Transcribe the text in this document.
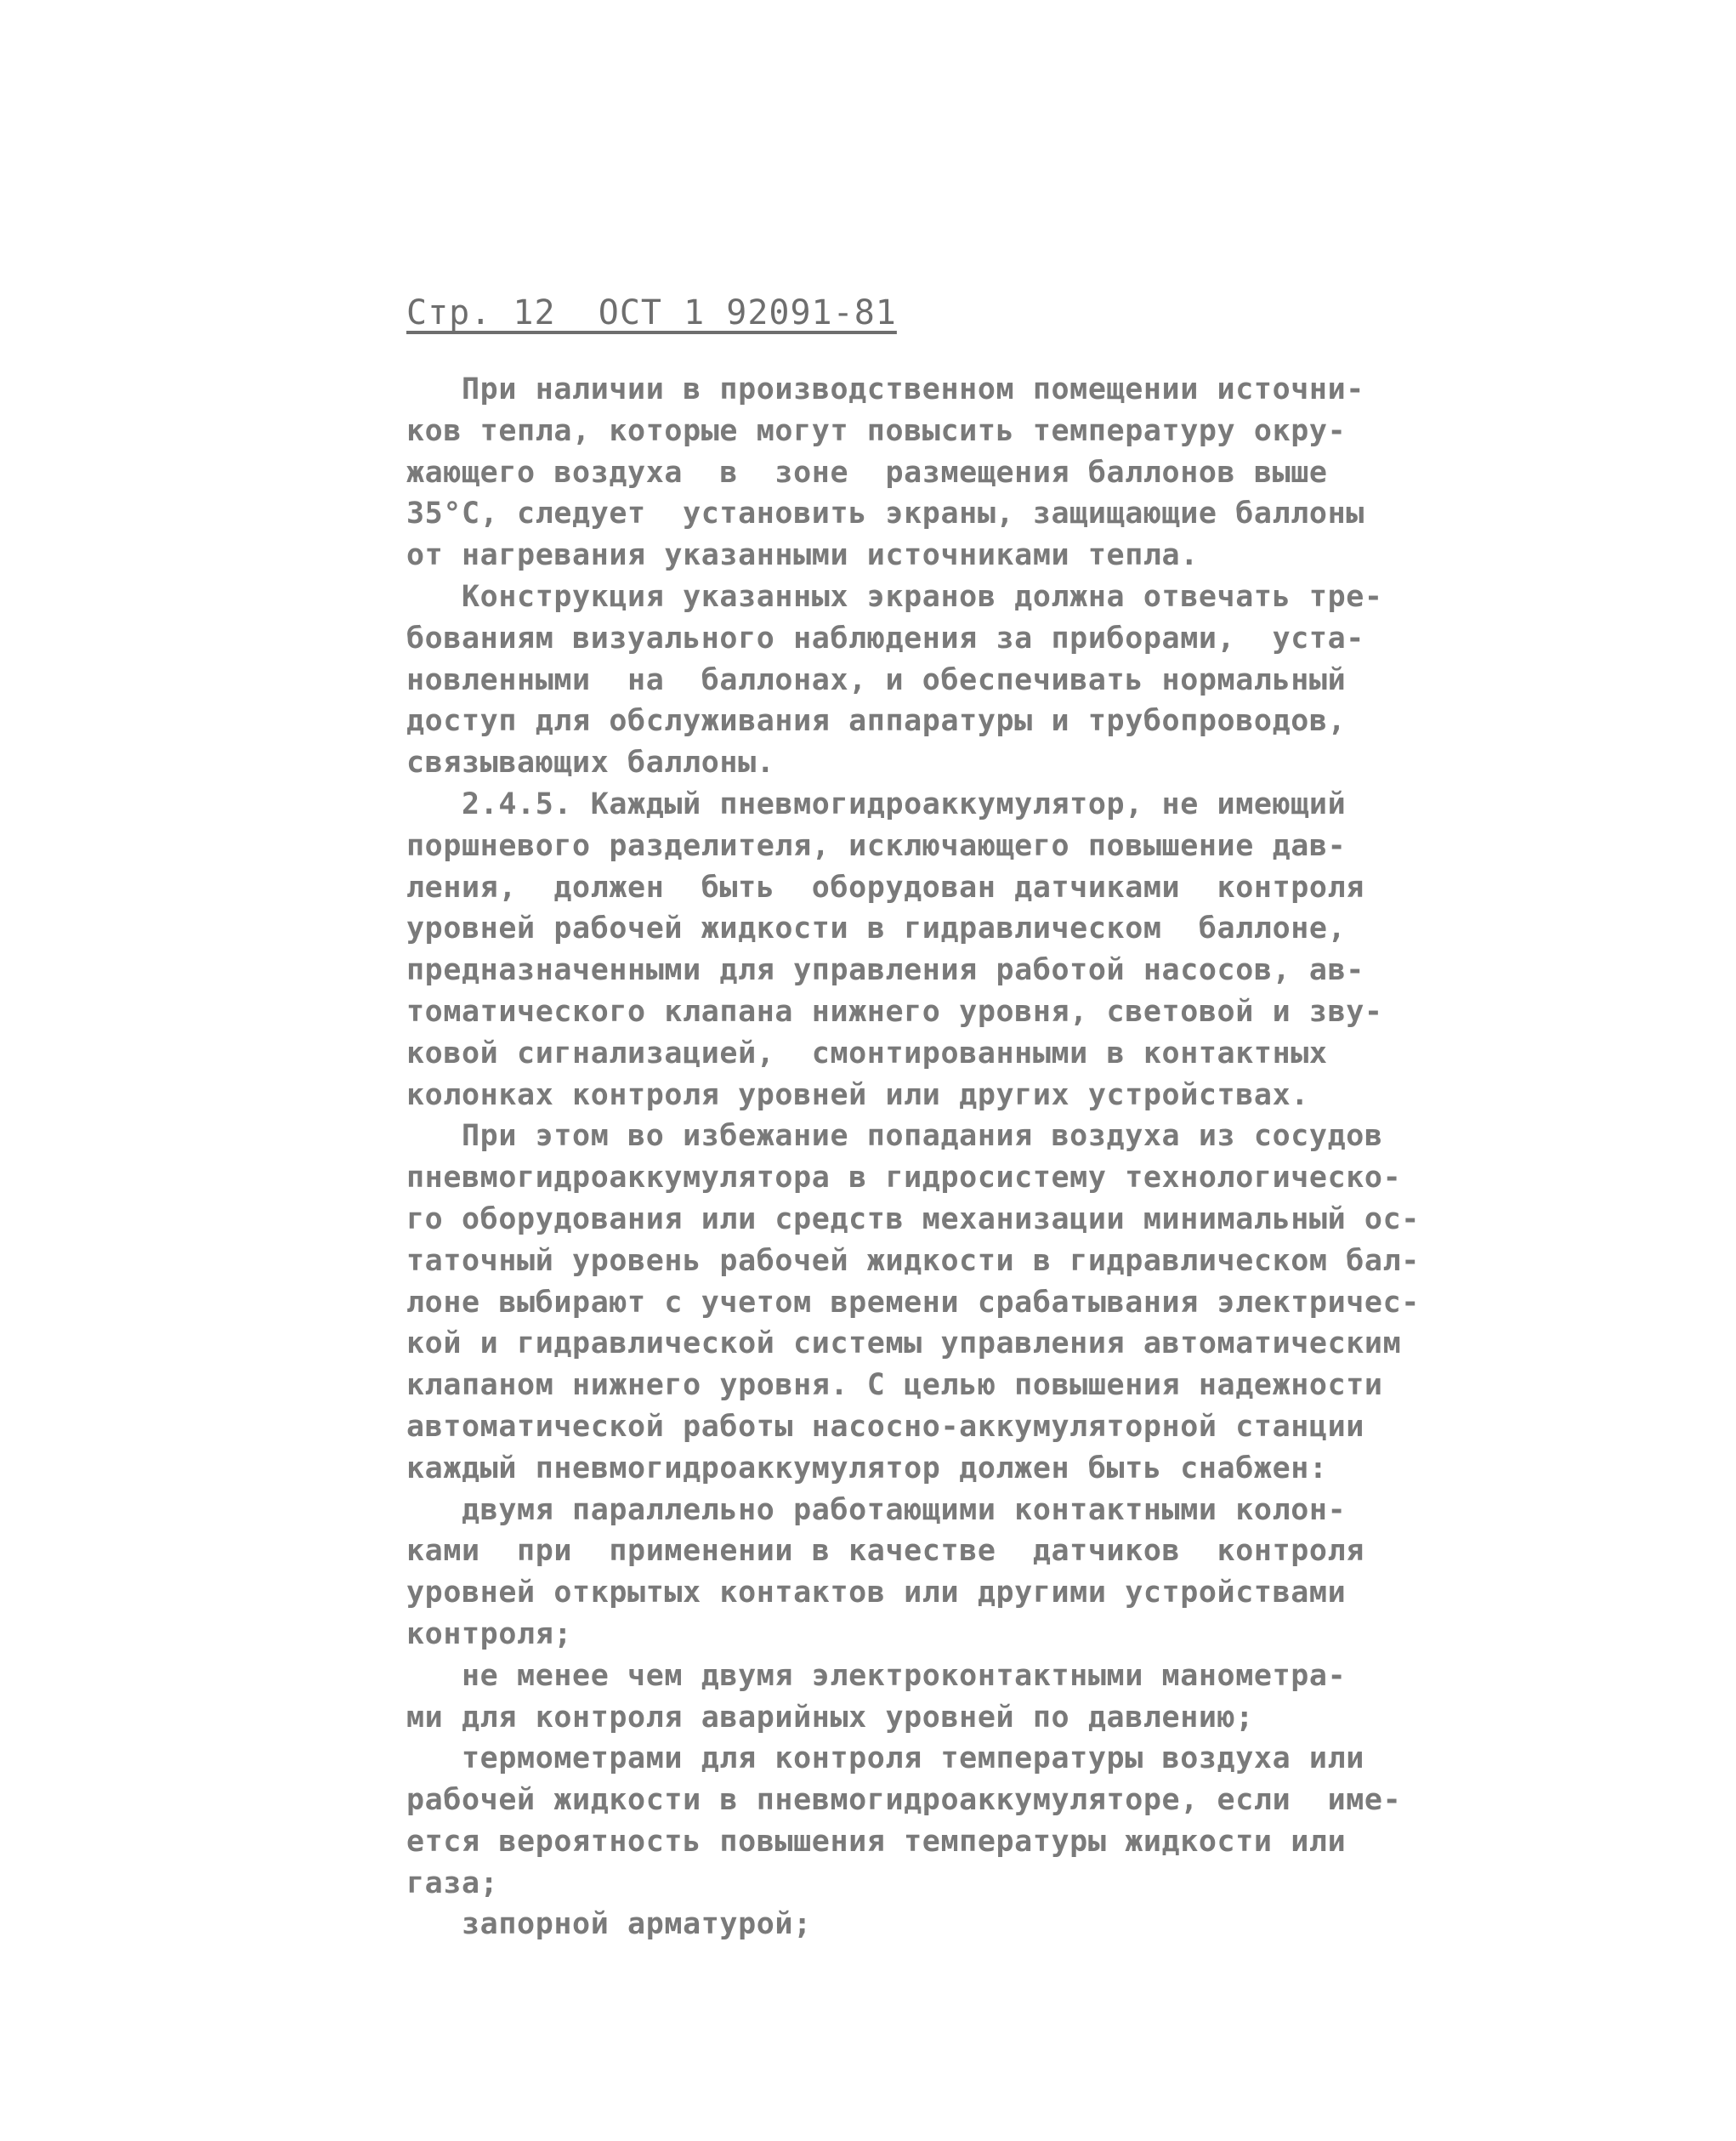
Стр. 12  ОСТ 1 92091-81
При наличии в производственном помещении источни-
ков тепла, которые могут повысить температуру окру-
жающего воздуха  в  зоне  размещения баллонов выше
35°С, следует  установить экраны, защищающие баллоны
от нагревания указанными источниками тепла.
Конструкция указанных экранов должна отвечать тре-
бованиям визуального наблюдения за приборами,  уста-
новленными  на  баллонах, и обеспечивать нормальный
доступ для обслуживания аппаратуры и трубопроводов,
связывающих баллоны.
2.4.5. Каждый пневмогидроаккумулятор, не имеющий
поршневого разделителя, исключающего повышение дав-
ления,  должен  быть  оборудован датчиками  контроля
уровней рабочей жидкости в гидравлическом  баллоне,
предназначенными для управления работой насосов, ав-
томатического клапана нижнего уровня, световой и зву-
ковой сигнализацией,  смонтированными в контактных
колонках контроля уровней или других устройствах.
При этом во избежание попадания воздуха из сосудов
пневмогидроаккумулятора в гидросистему технологическо-
го оборудования или средств механизации минимальный ос-
таточный уровень рабочей жидкости в гидравлическом бал-
лоне выбирают с учетом времени срабатывания электричес-
кой и гидравлической системы управления автоматическим
клапаном нижнего уровня. С целью повышения надежности
автоматической работы насосно-аккумуляторной станции
каждый пневмогидроаккумулятор должен быть снабжен:
двумя параллельно работающими контактными колон-
ками  при  применении в качестве  датчиков  контроля
уровней открытых контактов или другими устройствами
контроля;
не менее чем двумя электроконтактными манометра-
ми для контроля аварийных уровней по давлению;
термометрами для контроля температуры воздуха или
рабочей жидкости в пневмогидроаккумуляторе, если  име-
ется вероятность повышения температуры жидкости или
газа;
запорной арматурой;
